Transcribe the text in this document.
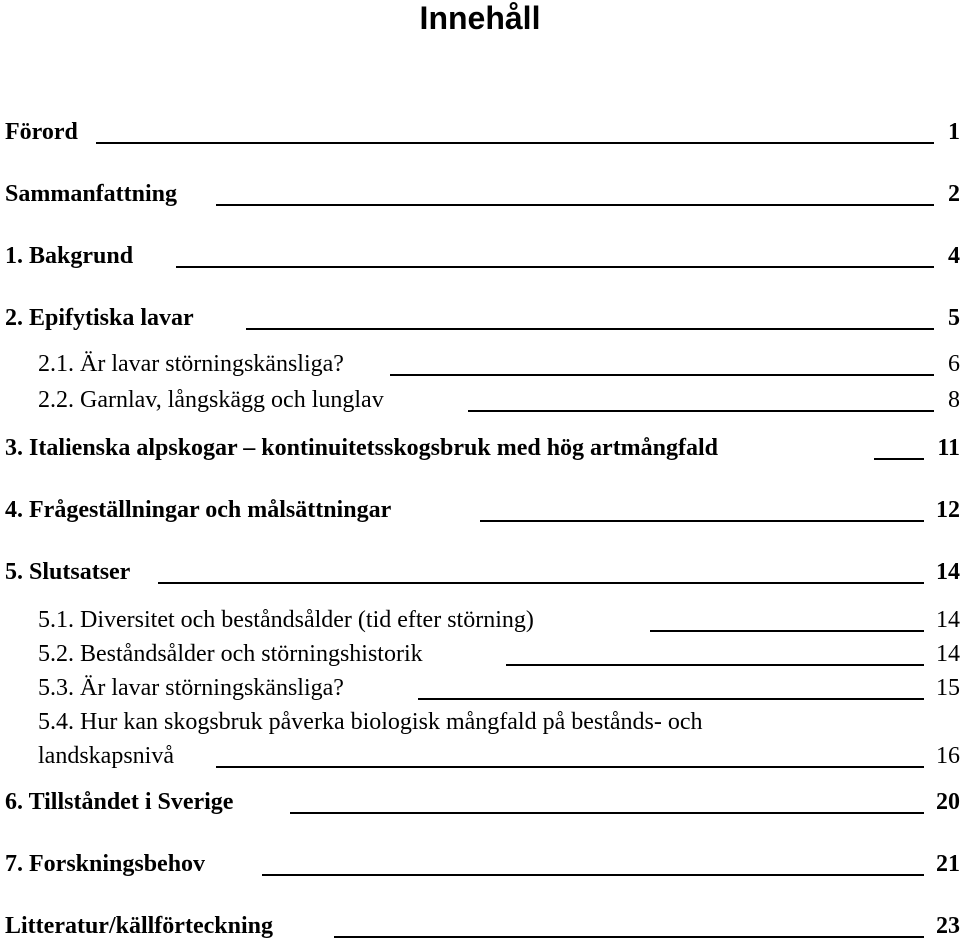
Innehåll
Förord	1
Sammanfattning	2
1. Bakgrund	4
2. Epifytiska lavar	5
2.1. Är lavar störningskänsliga?	6
2.2. Garnlav, långskägg och lunglav	8
3. Italienska alpskogar – kontinuitetsskogsbruk med hög artmångfald	11
4. Frågeställningar och målsättningar	12
5. Slutsatser	14
5.1. Diversitet och beståndsålder (tid efter störning)	14
5.2. Beståndsålder och störningshistorik	14
5.3. Är lavar störningskänsliga?	15
5.4. Hur kan skogsbruk påverka biologisk mångfald på bestånds- och
landskapsnivå	16
6. Tillståndet i Sverige	20
7. Forskningsbehov	21
Litteratur/källförteckning	23
